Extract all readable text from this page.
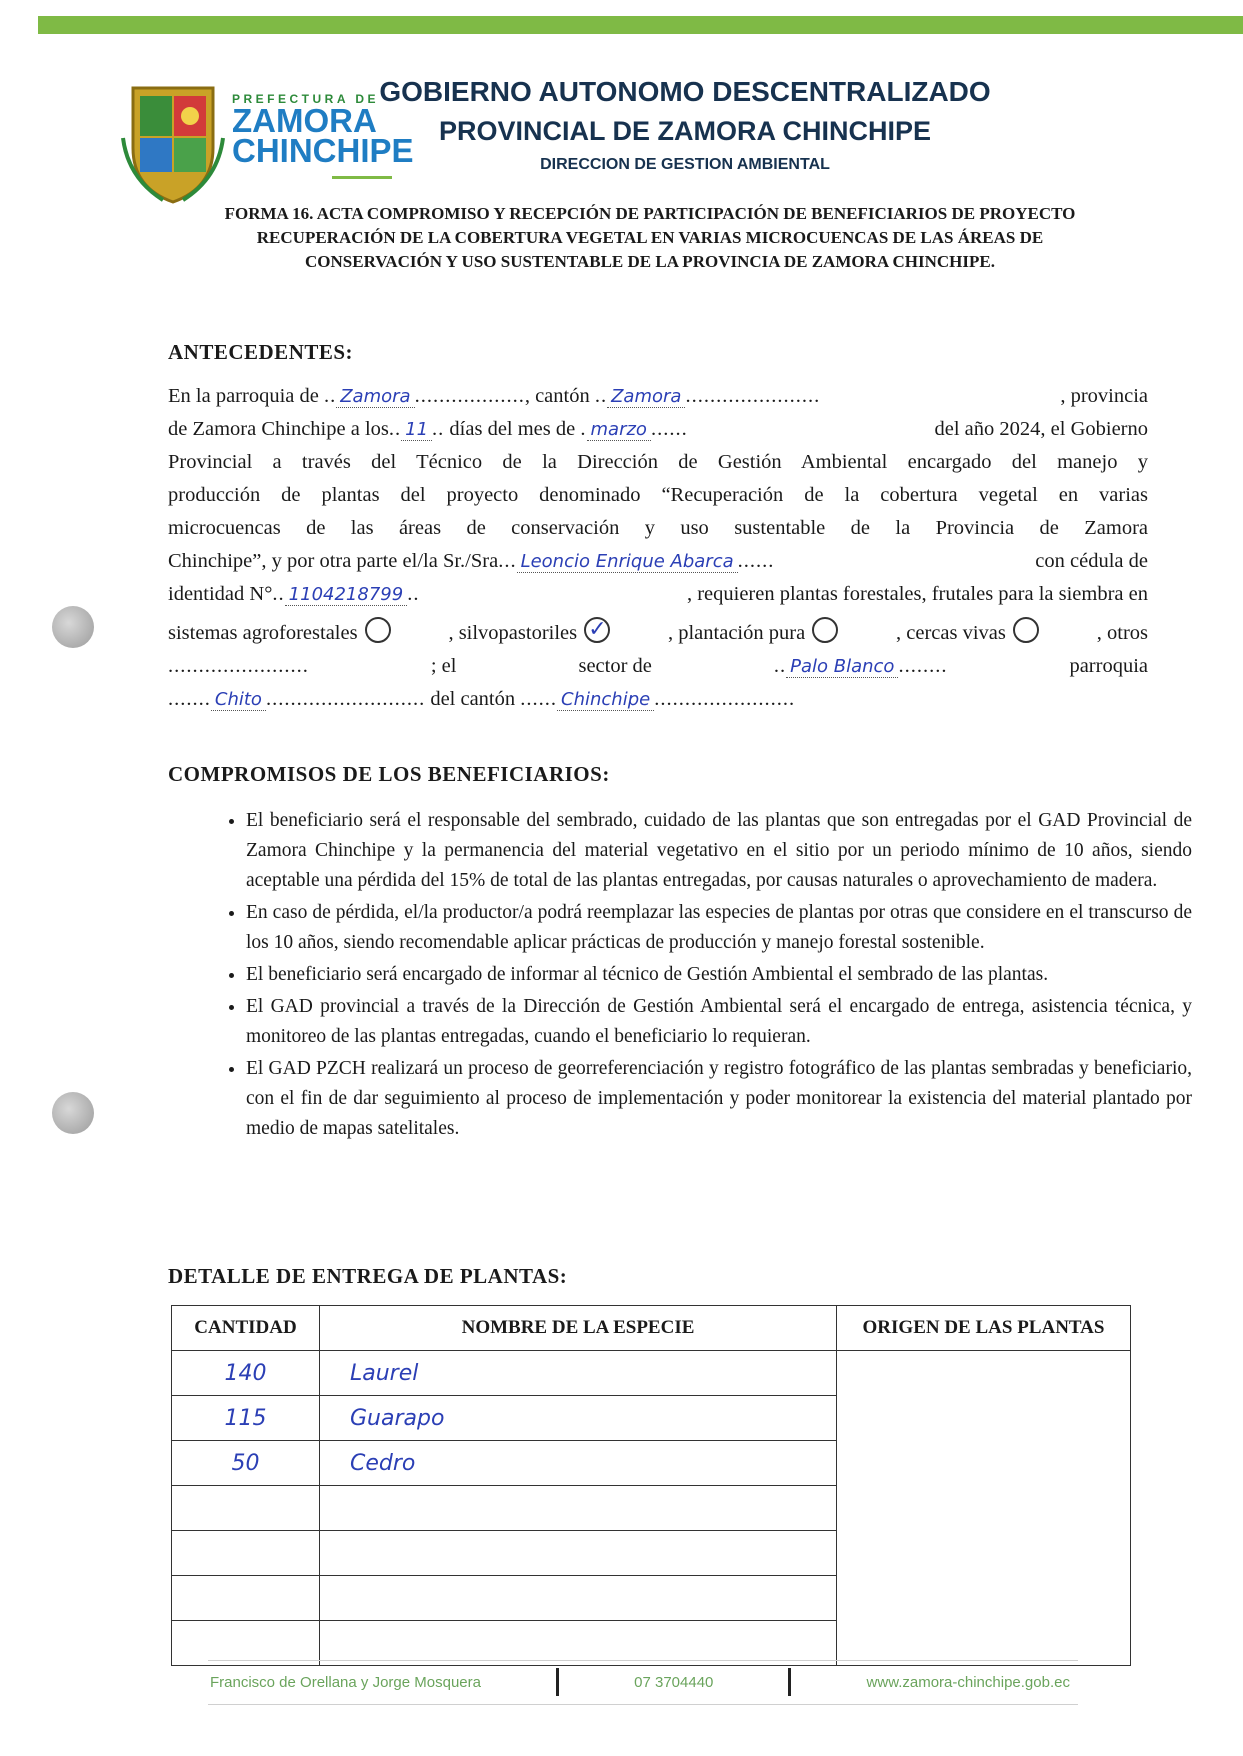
PREFECTURA DE
ZAMORA
CHINCHIPE
GOBIERNO AUTONOMO DESCENTRALIZADO
PROVINCIAL DE ZAMORA CHINCHIPE
DIRECCION DE GESTION AMBIENTAL
FORMA 16. ACTA COMPROMISO Y RECEPCIÓN DE PARTICIPACIÓN DE BENEFICIARIOS DE PROYECTO
RECUPERACIÓN DE LA COBERTURA VEGETAL EN VARIAS MICROCUENCAS DE LAS ÁREAS DE
CONSERVACIÓN Y USO SUSTENTABLE DE LA PROVINCIA DE ZAMORA CHINCHIPE.
ANTECEDENTES:
En la parroquia de .. Zamora .................., cantón .. Zamora ......................	, provincia
de Zamora Chinchipe a los.. 11 .. días del mes de . marzo ......	del año 2024, el Gobierno
Provincial a través del Técnico de la Dirección de Gestión Ambiental encargado del manejo y
producción de plantas del proyecto denominado “Recuperación de la cobertura vegetal en varias
microcuencas de las áreas de conservación y uso sustentable de la Provincia de Zamora
Chinchipe”, y por otra parte el/la Sr./Sra... Leoncio Enrique Abarca ......	con cédula de
identidad N°.. 1104218799 ..	, requieren plantas forestales, frutales para la siembra en
sistemas agroforestales	, silvopastoriles ✓	, plantación pura	, cercas vivas	, otros
.......................	; el	sector de	.. Palo Blanco ........	parroquia
....... Chito .......................... del cantón ...... Chinchipe .......................
COMPROMISOS DE LOS BENEFICIARIOS:
• El beneficiario será el responsable del sembrado, cuidado de las plantas que son entregadas por el GAD Provincial de Zamora Chinchipe y la permanencia del material vegetativo en el sitio por un periodo mínimo de 10 años, siendo aceptable una pérdida del 15% de total de las plantas entregadas, por causas naturales o aprovechamiento de madera.
• En caso de pérdida, el/la productor/a podrá reemplazar las especies de plantas por otras que considere en el transcurso de los 10 años, siendo recomendable aplicar prácticas de producción y manejo forestal sostenible.
• El beneficiario será encargado de informar al técnico de Gestión Ambiental el sembrado de las plantas.
• El GAD provincial a través de la Dirección de Gestión Ambiental será el encargado de entrega, asistencia técnica, y monitoreo de las plantas entregadas, cuando el beneficiario lo requieran.
• El GAD PZCH realizará un proceso de georreferenciación y registro fotográfico de las plantas sembradas y beneficiario, con el fin de dar seguimiento al proceso de implementación y poder monitorear la existencia del material plantado por medio de mapas satelitales.
DETALLE DE ENTREGA DE PLANTAS:
CANTIDAD	NOMBRE DE LA ESPECIE	ORIGEN DE LAS PLANTAS
140	Laurel	
115	Guarapo	
50	Cedro	

Francisco de Orellana y Jorge Mosquera	07 3704440	www.zamora-chinchipe.gob.ec
